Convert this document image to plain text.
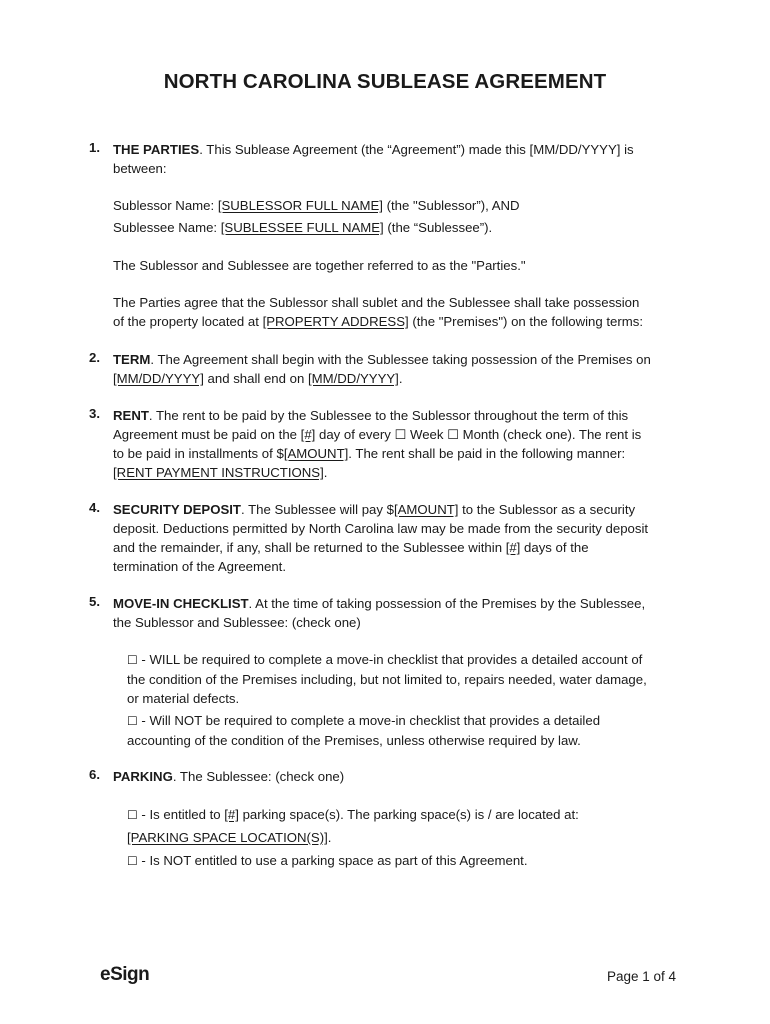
NORTH CAROLINA SUBLEASE AGREEMENT
1. THE PARTIES. This Sublease Agreement (the “Agreement”) made this [MM/DD/YYYY] is
between:
Sublessor Name: [SUBLESSOR FULL NAME] (the "Sublessor”), AND
Sublessee Name: [SUBLESSEE FULL NAME] (the “Sublessee”).
The Sublessor and Sublessee are together referred to as the "Parties."
The Parties agree that the Sublessor shall sublet and the Sublessee shall take possession
of the property located at [PROPERTY ADDRESS] (the "Premises") on the following terms:
2. TERM. The Agreement shall begin with the Sublessee taking possession of the Premises on
[MM/DD/YYYY] and shall end on [MM/DD/YYYY].
3. RENT. The rent to be paid by the Sublessee to the Sublessor throughout the term of this
Agreement must be paid on the [#] day of every ☐ Week ☐ Month (check one). The rent is
to be paid in installments of $[AMOUNT]. The rent shall be paid in the following manner:
[RENT PAYMENT INSTRUCTIONS].
4. SECURITY DEPOSIT. The Sublessee will pay $[AMOUNT] to the Sublessor as a security
deposit. Deductions permitted by North Carolina law may be made from the security deposit
and the remainder, if any, shall be returned to the Sublessee within [#] days of the
termination of the Agreement.
5. MOVE-IN CHECKLIST. At the time of taking possession of the Premises by the Sublessee,
the Sublessor and Sublessee: (check one)
☐ - WILL be required to complete a move-in checklist that provides a detailed account of
the condition of the Premises including, but not limited to, repairs needed, water damage,
or material defects.
☐ - Will NOT be required to complete a move-in checklist that provides a detailed
accounting of the condition of the Premises, unless otherwise required by law.
6. PARKING. The Sublessee: (check one)
☐ - Is entitled to [#] parking space(s). The parking space(s) is / are located at:
[PARKING SPACE LOCATION(S)].
☐ - Is NOT entitled to use a parking space as part of this Agreement.
eSign	Page 1 of 4
